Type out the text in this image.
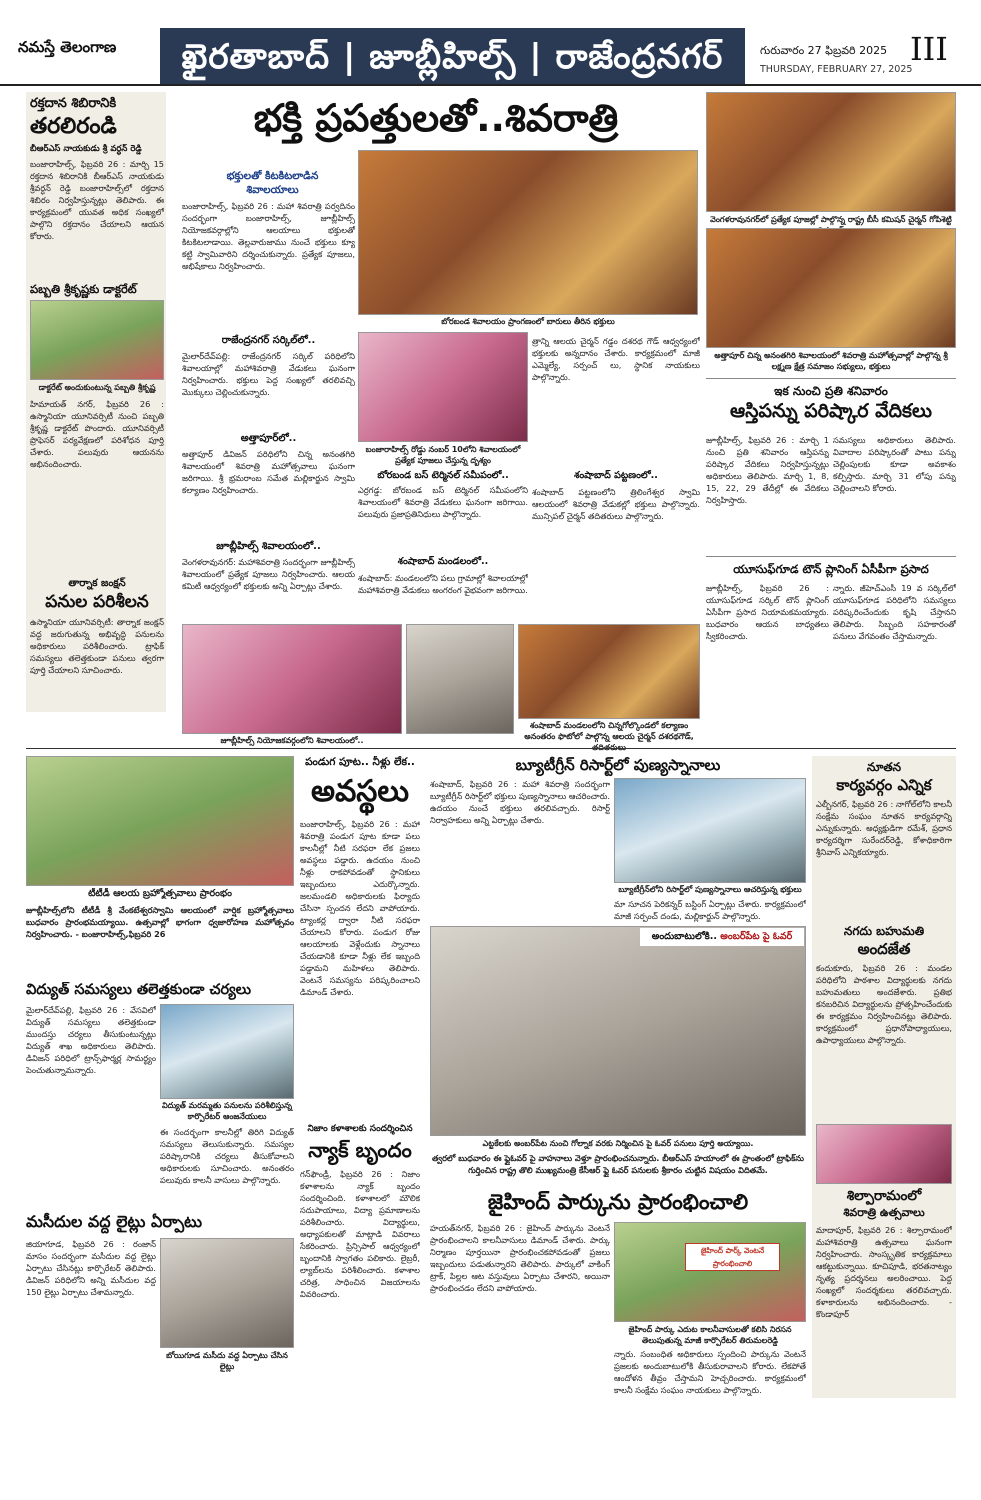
నమస్తే తెలంగాణ	ఖైరతాబాద్ | జూబ్లీహిల్స్ | రాజేంద్రనగర్	గురువారం 27 ఫిబ్రవరి 2025
THURSDAY, FEBRUARY 27, 2025
III
రక్తదాన శిబిరానికి
తరలిరండి
బీఆర్ఎస్ నాయకుడు శ్రీ వర్ధన్ రెడ్డి
బంజారాహిల్స్, ఫిబ్రవరి 26 : మార్చి 15 రక్తదాన శిబిరానికి బీఆర్ఎస్ నాయకుడు శ్రీవర్ధన్ రెడ్డి బంజారాహిల్స్‌లో రక్తదాన శిబిరం నిర్వహిస్తున్నట్లు తెలిపారు. ఈ కార్యక్రమంలో యువత అధిక సంఖ్యలో పాల్గొని రక్తదానం చేయాలని ఆయన కోరారు.
పబ్బతి శ్రీకృష్ణకు డాక్టరేట్
డాక్టరేట్ అందుకుంటున్న పబ్బతి శ్రీకృష్ణ
హిమాయత్ నగర్, ఫిబ్రవరి 26 : ఉస్మానియా యూనివర్సిటీ నుంచి పబ్బతి శ్రీకృష్ణ డాక్టరేట్ పొందారు. యూనివర్సిటీ ప్రొఫెసర్ పర్యవేక్షణలో పరిశోధన పూర్తి చేశారు. పలువురు ఆయనను అభినందించారు.
తార్నాక జంక్షన్
పనుల పరిశీలన
ఉస్మానియా యూనివర్సిటీ: తార్నాక జంక్షన్ వద్ద జరుగుతున్న అభివృద్ధి పనులను అధికారులు పరిశీలించారు. ట్రాఫిక్ సమస్యలు తలెత్తకుండా పనులు త్వరగా పూర్తి చేయాలని సూచించారు.
భక్తి ప్రపత్తులతో..శివరాత్రి
భక్తులతో కిటకిటలాడిన
శివాలయాలు
బంజారాహిల్స్, ఫిబ్రవరి 26 : మహా శివరాత్రి పర్వదినం సందర్భంగా బంజారాహిల్స్, జూబ్లీహిల్స్ నియోజకవర్గాల్లోని ఆలయాలు భక్తులతో కిటకిటలాడాయి. తెల్లవారుజాము నుంచే భక్తులు క్యూ కట్టి స్వామివారిని దర్శించుకున్నారు. ప్రత్యేక పూజలు, అభిషేకాలు నిర్వహించారు.
బోరబండ శివాలయం ప్రాంగణంలో బారులు తీరిన భక్తులు
రాజేంద్రనగర్ సర్కిల్‌లో..
మైలార్‌దేవ్‌పల్లి: రాజేంద్రనగర్ సర్కిల్ పరిధిలోని శివాలయాల్లో మహాశివరాత్రి వేడుకలు ఘనంగా నిర్వహించారు. భక్తులు పెద్ద సంఖ్యలో తరలివచ్చి మొక్కులు చెల్లించుకున్నారు.
అత్తాపూర్‌లో..
అత్తాపూర్ డివిజన్ పరిధిలోని చిన్న అనంతగిరి శివాలయంలో శివరాత్రి మహోత్సవాలు ఘనంగా జరిగాయి. శ్రీ భ్రమరాంబ సమేత మల్లికార్జున స్వామి కల్యాణం నిర్వహించారు.
జూబ్లీహిల్స్ శివాలయంలో..
వెంగళరావునగర్: మహాశివరాత్రి సందర్భంగా జూబ్లీహిల్స్ శివాలయంలో ప్రత్యేక పూజలు నిర్వహించారు. ఆలయ కమిటీ ఆధ్వర్యంలో భక్తులకు అన్ని ఏర్పాట్లు చేశారు.
బంజారాహిల్స్ రోడ్డు నంబర్ 10లోని శివాలయంలో ప్రత్యేక పూజలు చేస్తున్న దృశ్యం
బోరబండ బస్ టెర్మినల్ సమీపంలో..
ఎర్రగడ్డ: బోరబండ బస్ టెర్మినల్ సమీపంలోని శివాలయంలో శివరాత్రి వేడుకలు ఘనంగా జరిగాయి. పలువురు ప్రజాప్రతినిధులు పాల్గొన్నారు.
శంషాబాద్ మండలంలో..
శంషాబాద్: మండలంలోని పలు గ్రామాల్లో శివాలయాల్లో మహాశివరాత్రి వేడుకలు అంగరంగ వైభవంగా జరిగాయి.
త్రాన్ని ఆలయ చైర్మన్ గడ్డం దశరథ గౌడ్ ఆధ్వర్యంలో భక్తులకు అన్నదానం చేశారు. కార్యక్రమంలో మాజీ ఎమ్మెల్యే, సర్పంచ్ లు, స్థానిక నాయకులు పాల్గొన్నారు.
శంషాబాద్ పట్టణంలో..
శంషాబాద్ పట్టణంలోని త్రిలింగేశ్వర స్వామి ఆలయంలో శివరాత్రి వేడుకల్లో భక్తులు పాల్గొన్నారు. మున్సిపల్ చైర్మన్ తదితరులు పాల్గొన్నారు.
జూబ్లీహిల్స్ నియోజకవర్గంలోని శివాలయంలో..
శంషాబాద్ మండలంలోని చిన్నగోల్కొండలో కల్యాణం అనంతరం ఫొటోలో పాల్గొన్న ఆలయ చైర్మన్ దశరథగౌడ్,
వెంగళరావునగర్‌లో ప్రత్యేక పూజల్లో పాల్గొన్న రాష్ట్ర బీసీ కమిషన్ చైర్మన్ గోపిశెట్టి
అత్తాపూర్ చిన్న అనంతగిరి శివాలయంలో శివరాత్రి మహోత్సవాల్లో పాల్గొన్న శ్రీ లక్ష్మణ క్షేత్ర సమాజం సభ్యులు, భక్తులు
ఇక నుంచి ప్రతి శనివారం
ఆస్తిపన్ను పరిష్కార వేదికలు
జూబ్లీహిల్స్, ఫిబ్రవరి 26 : మార్చి 1 నుంచి ప్రతి శనివారం ఆస్తిపన్ను పరిష్కార వేదికలు నిర్వహిస్తున్నట్లు అధికారులు తెలిపారు. మార్చి 1, 8, 15, 22, 29 తేదీల్లో ఈ వేదికలు నిర్వహిస్తారు.
సమస్యలు అధికారులు తెలిపారు. వివాదాల పరిష్కారంతో పాటు పన్ను చెల్లింపులకు కూడా అవకాశం కల్పిస్తారు. మార్చి 31 లోపు పన్ను చెల్లించాలని కోరారు.
యూసుఫ్‌గూడ టౌన్ ప్లానింగ్ ఏసీపీగా ప్రసాద
జూబ్లీహిల్స్, ఫిబ్రవరి 26 : యూసుఫ్‌గూడ సర్కిల్ టౌన్ ప్లానింగ్ ఏసీపీగా ప్రసాద నియామకమయ్యారు. బుధవారం ఆయన బాధ్యతలు స్వీకరించారు.
న్నారు. జీహెచ్ఎంసీ 19 వ సర్కిల్‌లో యూసుఫ్‌గూడ పరిధిలోని సమస్యలు పరిష్కరించేందుకు కృషి చేస్తానని తెలిపారు. సిబ్బంది సహకారంతో పనులు వేగవంతం చేస్తామన్నారు.
టీటీడీ ఆలయ బ్రహ్మోత్సవాలు ప్రారంభం
జూబ్లీహిల్స్‌లోని టీటీడీ శ్రీ వేంకటేశ్వరస్వామి ఆలయంలో వార్షిక బ్రహ్మోత్సవాలు బుధవారం ప్రారంభమయ్యాయి. ఉత్సవాల్లో భాగంగా ధ్వజారోహణ మహోత్సవం నిర్వహించారు. - బంజారాహిల్స్,ఫిబ్రవరి 26
విద్యుత్ సమస్యలు తలెత్తకుండా చర్యలు
మైలార్‌దేవ్‌పల్లి, ఫిబ్రవరి 26 : వేసవిలో విద్యుత్ సమస్యలు తలెత్తకుండా ముందస్తు చర్యలు తీసుకుంటున్నట్లు విద్యుత్ శాఖ అధికారులు తెలిపారు. డివిజన్ పరిధిలో ట్రాన్స్‌ఫార్మర్ల సామర్థ్యం పెంచుతున్నామన్నారు.
విద్యుత్ మరమ్మతు పనులను పరిశీలిస్తున్న కార్పొరేటర్ ఆంజనేయులు
ఈ సందర్భంగా కాలనీల్లో తిరిగి విద్యుత్ సమస్యలు తెలుసుకున్నారు. సమస్యల పరిష్కారానికి చర్యలు తీసుకోవాలని అధికారులకు సూచించారు. అనంతరం పలువురు కాలనీ వాసులు పాల్గొన్నారు.
మసీదుల వద్ద లైట్లు ఏర్పాటు
జియాగూడ, ఫిబ్రవరి 26 : రంజాన్ మాసం సందర్భంగా మసీదుల వద్ద లైట్లు ఏర్పాటు చేసినట్లు కార్పొరేటర్ తెలిపారు. డివిజన్ పరిధిలోని అన్ని మసీదుల వద్ద 150 లైట్లు ఏర్పాటు చేశామన్నారు.
బోయిగూడ మసీదు వద్ద ఏర్పాటు చేసిన లైట్లు
పండుగ పూట.. నీళ్లు లేక..
అవస్థలు
బంజారాహిల్స్, ఫిబ్రవరి 26 : మహా శివరాత్రి పండుగ పూట కూడా పలు కాలనీల్లో నీటి సరఫరా లేక ప్రజలు అవస్థలు పడ్డారు. ఉదయం నుంచి నీళ్లు రాకపోవడంతో స్థానికులు ఇబ్బందులు ఎదుర్కొన్నారు. జలమండలి అధికారులకు ఫిర్యాదు చేసినా స్పందన లేదని వాపోయారు. ట్యాంకర్ల ద్వారా నీటి సరఫరా చేయాలని కోరారు. పండుగ రోజు ఆలయాలకు వెళ్లేందుకు స్నానాలు చేయడానికి కూడా నీళ్లు లేక ఇబ్బంది పడ్డామని మహిళలు తెలిపారు. వెంటనే సమస్యను పరిష్కరించాలని డిమాండ్ చేశారు.
నిజాం కళాశాలకు సందర్శించిన
న్యాక్ బృందం
గన్‌ఫౌండ్రీ, ఫిబ్రవరి 26 : నిజాం కళాశాలను న్యాక్ బృందం సందర్శించింది. కళాశాలలో మౌలిక సదుపాయాలు, విద్యా ప్రమాణాలను పరిశీలించారు. విద్యార్థులు, అధ్యాపకులతో మాట్లాడి వివరాలు సేకరించారు. ప్రిన్సిపాల్ ఆధ్వర్యంలో బృందానికి స్వాగతం పలికారు. లైబ్రరీ, ల్యాబ్‌లను పరిశీలించారు. కళాశాల చరిత్ర, సాధించిన విజయాలను వివరించారు.
బ్యూటీగ్రీన్ రిసార్ట్‌లో పుణ్యస్నానాలు
శంషాబాద్, ఫిబ్రవరి 26 : మహా శివరాత్రి సందర్భంగా బ్యూటీగ్రీన్ రిసార్ట్‌లో భక్తులు పుణ్యస్నానాలు ఆచరించారు. ఉదయం నుంచే భక్తులు తరలివచ్చారు. రిసార్ట్ నిర్వాహకులు అన్ని ఏర్పాట్లు చేశారు.
బ్యూటీగ్రీన్‌లోని రిసార్ట్‌లో పుణ్యస్నానాలు ఆచరిస్తున్న భక్తులు
మా సూచన పెరికన్నర్ బస్టింగ్ ఏర్పాట్లు చేశారు. కార్యక్రమంలో మాజీ సర్పంచ్ దండు, మల్లికార్జున్ పాల్గొన్నారు.
అందుబాటులోకి.. అంబర్‌పేట పై ఓవర్
ఎట్టకేలకు అంబర్‌పేట నుంచి గోల్నాక వరకు నిర్మించిన పై ఓవర్ పనులు పూర్తి అయ్యాయి.
త్వరలో బుధవారం ఈ ఫ్లైఓవర్ పై వాహనాలు వెళ్తూ ప్రారంభించనున్నారు. బీఆర్ఎస్ హయాంలో ఈ ప్రాంతంలో ట్రాఫిక్‌ను గుర్తించిన రాష్ట్ర తొలి ముఖ్యమంత్రి కేసీఆర్ ఫ్లై ఓవర్ పనులకు శ్రీకారం చుట్టిన విషయం విదితమే.
జైహింద్ పార్కును ప్రారంభించాలి
హయత్‌నగర్, ఫిబ్రవరి 26 : జైహింద్ పార్కును వెంటనే ప్రారంభించాలని కాలనీవాసులు డిమాండ్ చేశారు. పార్కు నిర్మాణం పూర్తయినా ప్రారంభించకపోవడంతో ప్రజలు ఇబ్బందులు పడుతున్నారని తెలిపారు. పార్కులో వాకింగ్ ట్రాక్, పిల్లల ఆట వస్తువులు ఏర్పాటు చేశారని, అయినా ప్రారంభించడం లేదని వాపోయారు.
జైహింద్ పార్క్ వెంటనే ప్రారంభించాలి
జైహింద్ పార్కు ఎదుట కాలనీవాసులతో కలిసి నిరసన తెలుపుతున్న మాజీ కార్పొరేటర్ తిరుమలరెడ్డి
న్నారు. సంబంధిత అధికారులు స్పందించి పార్కును వెంటనే ప్రజలకు అందుబాటులోకి తీసుకురావాలని కోరారు. లేకపోతే ఆందోళన తీవ్రం చేస్తామని హెచ్చరించారు. కార్యక్రమంలో కాలనీ సంక్షేమ సంఘం నాయకులు పాల్గొన్నారు.
నూతన
కార్యవర్గం ఎన్నిక
ఎల్బీనగర్, ఫిబ్రవరి 26 : నాగోల్‌లోని కాలనీ సంక్షేమ సంఘం నూతన కార్యవర్గాన్ని ఎన్నుకున్నారు. అధ్యక్షుడిగా రమేశ్, ప్రధాన కార్యదర్శిగా సురేందర్‌రెడ్డి, కోశాధికారిగా శ్రీనివాస్ ఎన్నికయ్యారు.
నగదు బహుమతి
అందజేత
కందుకూరు, ఫిబ్రవరి 26 : మండల పరిధిలోని పాఠశాల విద్యార్థులకు నగదు బహుమతులు అందజేశారు. ప్రతిభ కనబరిచిన విద్యార్థులను ప్రోత్సహించేందుకు ఈ కార్యక్రమం నిర్వహించినట్లు తెలిపారు. కార్యక్రమంలో ప్రధానోపాధ్యాయులు, ఉపాధ్యాయులు పాల్గొన్నారు.
శిల్పారామంలో
శివరాత్రి ఉత్సవాలు
మాదాపూర్, ఫిబ్రవరి 26 : శిల్పారామంలో మహాశివరాత్రి ఉత్సవాలు ఘనంగా నిర్వహించారు. సాంస్కృతిక కార్యక్రమాలు ఆకట్టుకున్నాయి. కూచిపూడి, భరతనాట్యం నృత్య ప్రదర్శనలు అలరించాయి. పెద్ద సంఖ్యలో సందర్శకులు తరలివచ్చారు. కళాకారులను అభినందించారు. - కొండాపూర్
